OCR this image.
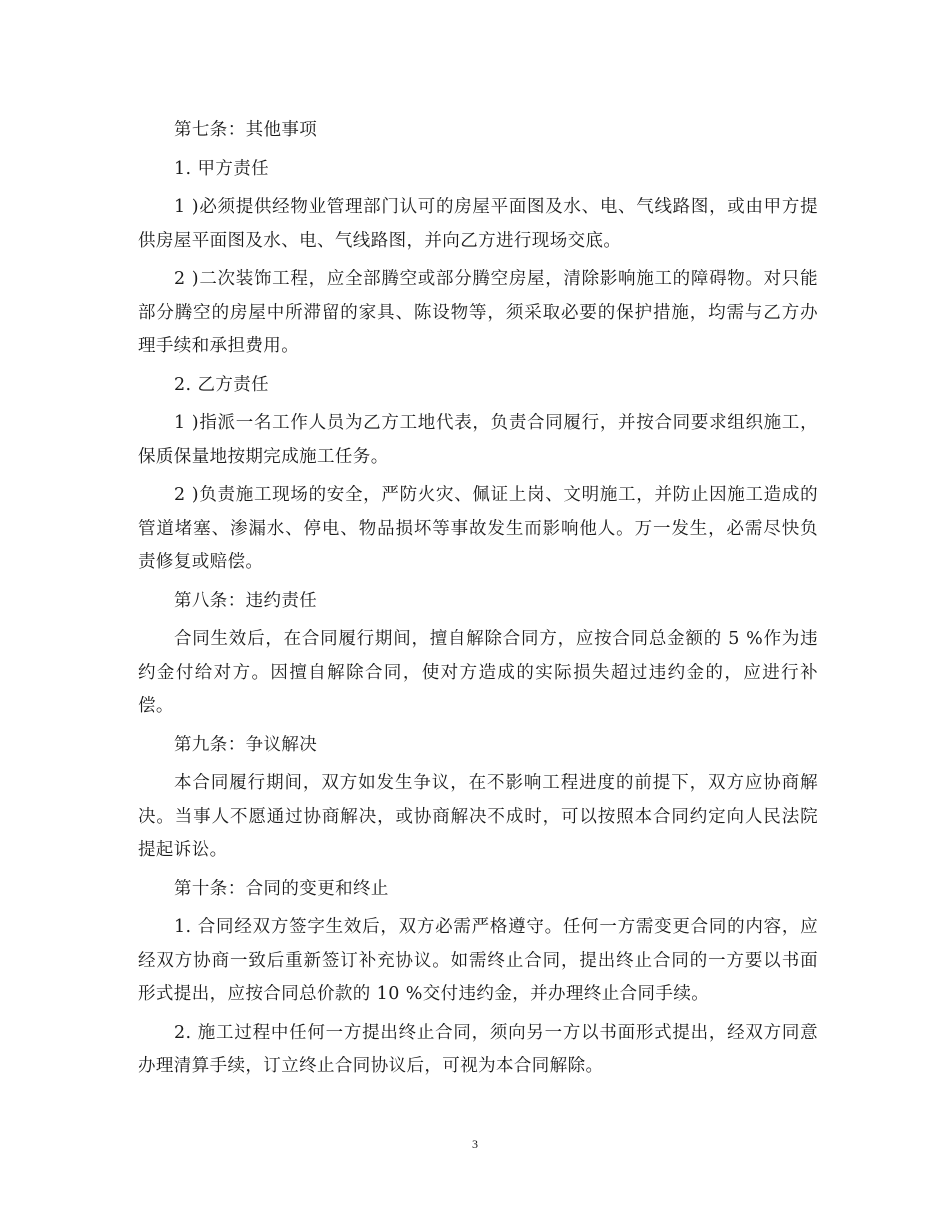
第七条：其他事项

1. 甲方责任

1 )必须提供经物业管理部门认可的房屋平面图及水、电、气线路图，或由甲方提供房屋平面图及水、电、气线路图，并向乙方进行现场交底。

2 )二次装饰工程，应全部腾空或部分腾空房屋，清除影响施工的障碍物。对只能部分腾空的房屋中所滞留的家具、陈设物等，须采取必要的保护措施，均需与乙方办理手续和承担费用。

2. 乙方责任

1 )指派一名工作人员为乙方工地代表，负责合同履行，并按合同要求组织施工，保质保量地按期完成施工任务。

2 )负责施工现场的安全，严防火灾、佩证上岗、文明施工，并防止因施工造成的管道堵塞、渗漏水、停电、物品损坏等事故发生而影响他人。万一发生，必需尽快负责修复或赔偿。

第八条：违约责任

合同生效后，在合同履行期间，擅自解除合同方，应按合同总金额的 5 %作为违约金付给对方。因擅自解除合同，使对方造成的实际损失超过违约金的，应进行补偿。

第九条：争议解决

本合同履行期间，双方如发生争议，在不影响工程进度的前提下，双方应协商解决。当事人不愿通过协商解决，或协商解决不成时，可以按照本合同约定向人民法院提起诉讼。

第十条：合同的变更和终止

1. 合同经双方签字生效后，双方必需严格遵守。任何一方需变更合同的内容，应经双方协商一致后重新签订补充协议。如需终止合同，提出终止合同的一方要以书面形式提出，应按合同总价款的 10 %交付违约金，并办理终止合同手续。

2. 施工过程中任何一方提出终止合同，须向另一方以书面形式提出，经双方同意办理清算手续，订立终止合同协议后，可视为本合同解除。

3
